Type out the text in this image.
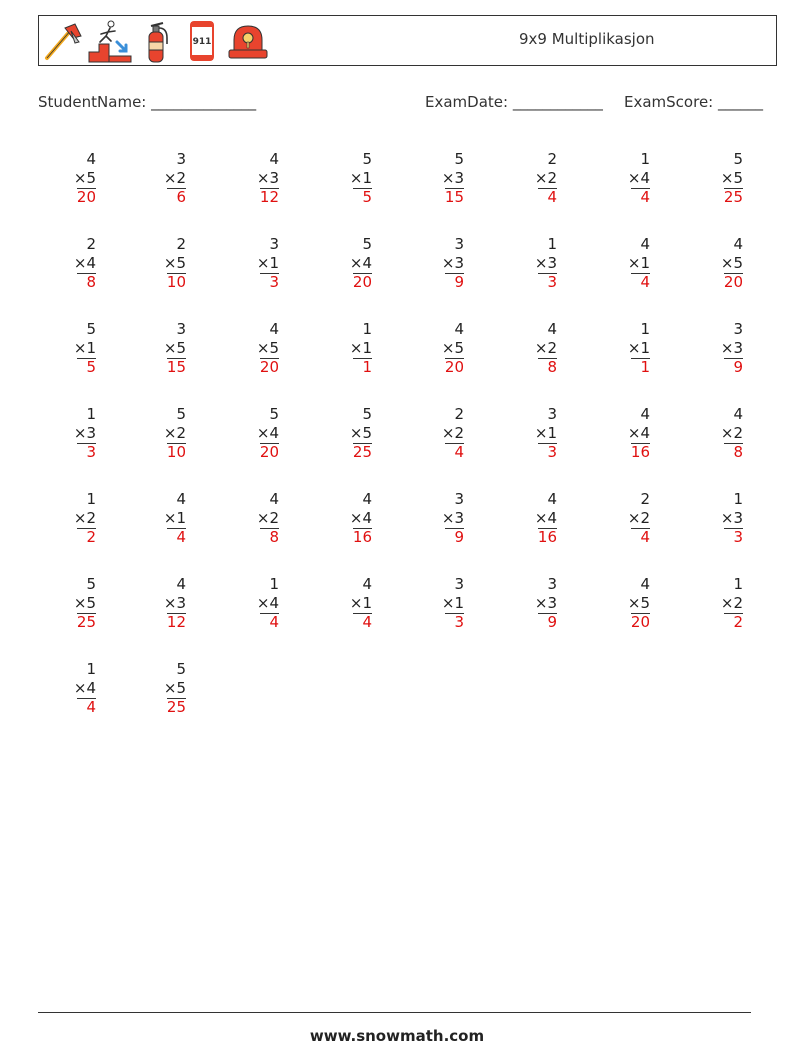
911	9x9 Multiplikasjon
StudentName: ______________	ExamDate: ____________ ExamScore: ______
4
×5
20
3
×2
6
4
×3
12
5
×1
5
5
×3
15
2
×2
4
1
×4
4
5
×5
25
2
×4
8
2
×5
10
3
×1
3
5
×4
20
3
×3
9
1
×3
3
4
×1
4
4
×5
20
5
×1
5
3
×5
15
4
×5
20
1
×1
1
4
×5
20
4
×2
8
1
×1
1
3
×3
9
1
×3
3
5
×2
10
5
×4
20
5
×5
25
2
×2
4
3
×1
3
4
×4
16
4
×2
8
1
×2
2
4
×1
4
4
×2
8
4
×4
16
3
×3
9
4
×4
16
2
×2
4
1
×3
3
5
×5
25
4
×3
12
1
×4
4
4
×1
4
3
×1
3
3
×3
9
4
×5
20
1
×2
2
1
×4
4
5
×5
25
www.snowmath.com
